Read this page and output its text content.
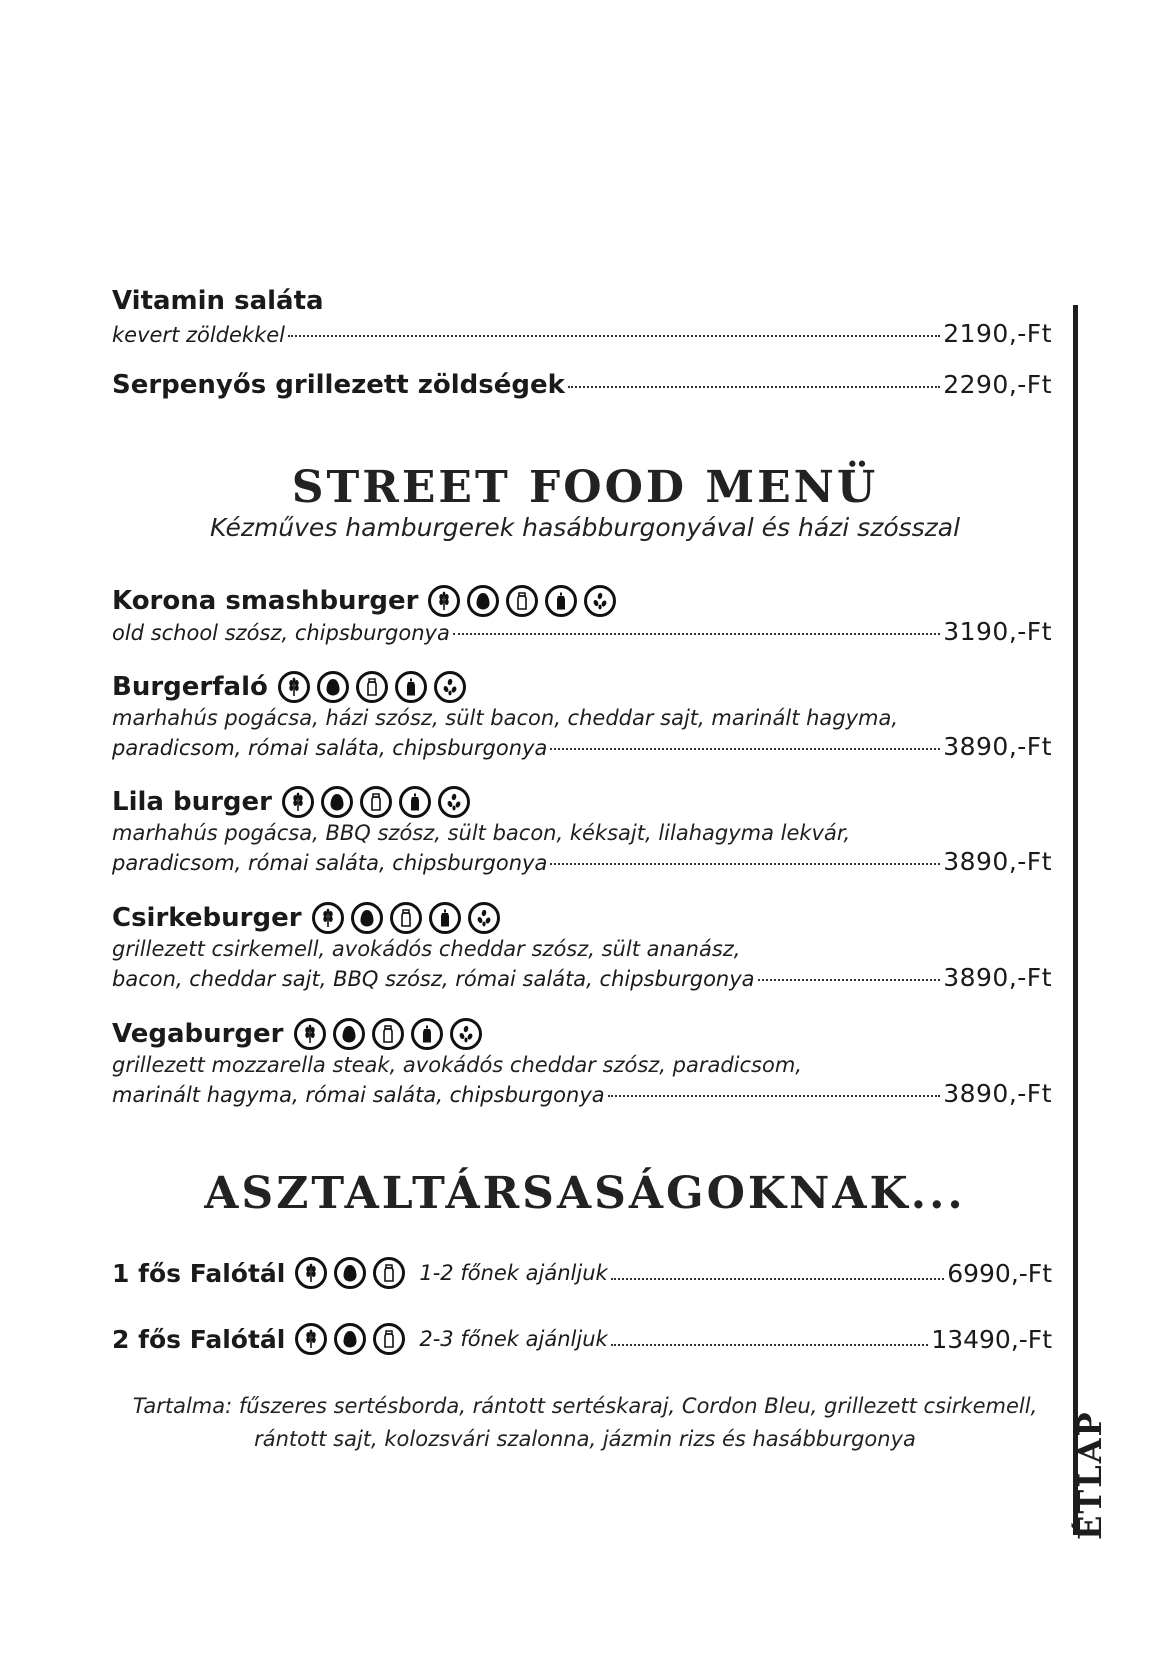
Vitamin saláta
kevert zöldekkel	2190,-Ft
Serpenyős grillezett zöldségek	2290,-Ft
STREET FOOD MENÜ
Kézműves hamburgerek hasábburgonyával és házi szósszal
Korona smashburger
old school szósz, chipsburgonya	3190,-Ft
Burgerfaló
marhahús pogácsa, házi szósz, sült bacon, cheddar sajt, marinált hagyma,
paradicsom, római saláta, chipsburgonya	3890,-Ft
Lila burger
marhahús pogácsa, BBQ szósz, sült bacon, kéksajt, lilahagyma lekvár,
paradicsom, római saláta, chipsburgonya	3890,-Ft
Csirkeburger
grillezett csirkemell, avokádós cheddar szósz, sült ananász,
bacon, cheddar sajt, BBQ szósz, római saláta, chipsburgonya	3890,-Ft
Vegaburger
grillezett mozzarella steak, avokádós cheddar szósz, paradicsom,
marinált hagyma, római saláta, chipsburgonya	3890,-Ft
ASZTALTÁRSASÁGOKNAK...
1 fős Falótál	1-2 főnek ajánljuk	6990,-Ft
2 fős Falótál	2-3 főnek ajánljuk	13490,-Ft
Tartalma: fűszeres sertésborda, rántott sertéskaraj, Cordon Bleu, grillezett csirkemell,
rántott sajt, kolozsvári szalonna, jázmin rizs és hasábburgonya	ÉTLAP
